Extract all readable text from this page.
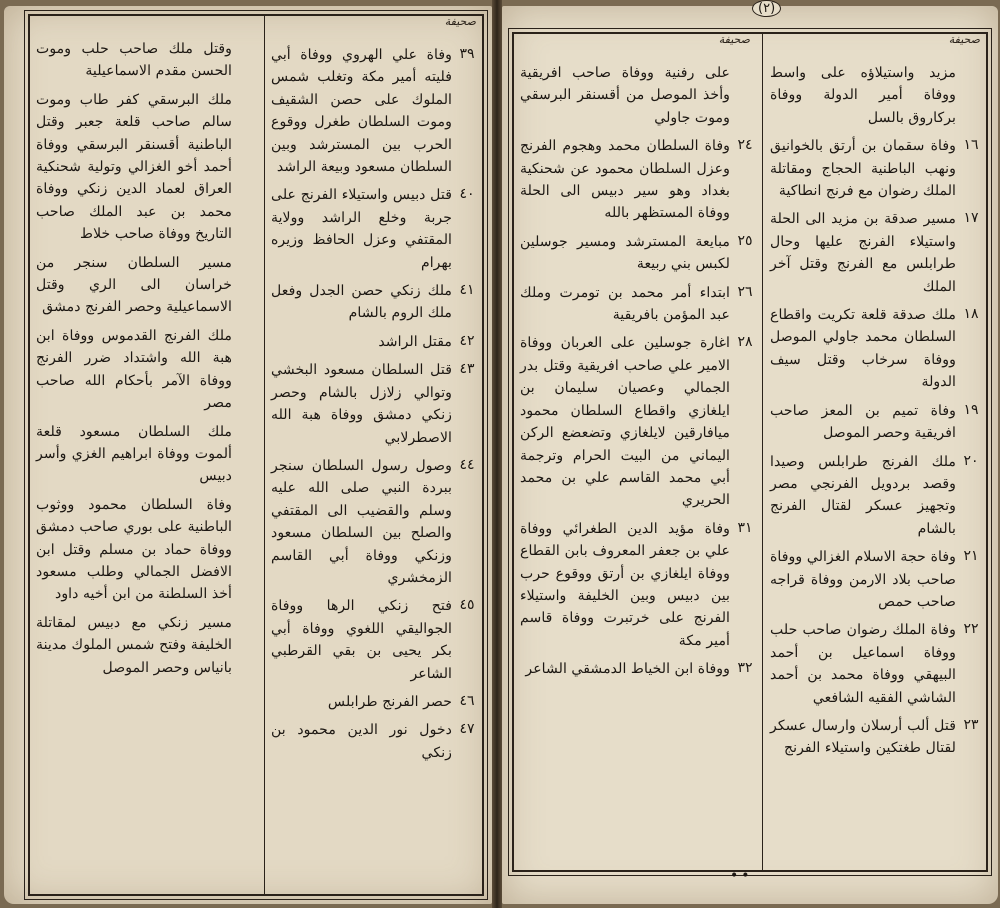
صحيفة
٣٩
وفاة علي الهروي ووفاة أبي فليته أمير مكة وتغلب شمس الملوك على حصن الشقيف وموت السلطان طغرل ووقوع الحرب بين المسترشد وبين السلطان مسعود وبيعة الراشد
٤٠
قتل دبيس واستيلاء الفرنج على جربة وخلع الراشد وولاية المقتفي وعزل الحافظ وزيره بهرام
٤١
ملك زنكي حصن الجدل وفعل ملك الروم بالشام
٤٢
مقتل الراشد
٤٣
قتل السلطان مسعود البخشي وتوالي زلازل بالشام وحصر زنكي دمشق ووفاة هبة الله الاصطرلابي
٤٤
وصول رسول السلطان سنجر ببردة النبي صلى الله عليه وسلم والقضيب الى المقتفي والصلح بين السلطان مسعود وزنكي ووفاة أبي القاسم الزمخشري
٤٥
فتح زنكي الرها ووفاة الجواليقي اللغوي ووفاة أبي بكر يحيى بن بقي القرطبي الشاعر
٤٦
حصر الفرنج طرابلس
٤٧
دخول نور الدين محمود بن زنكي
وقتل ملك صاحب حلب وموت الحسن مقدم الاسماعيلية
ملك البرسقي كفر طاب وموت سالم صاحب قلعة جعبر وقتل الباطنية أقسنقر البرسقي ووفاة أحمد أخو الغزالي وتولية شحنكية العراق لعماد الدين زنكي ووفاة محمد بن عبد الملك صاحب التاريخ ووفاة صاحب خلاط
مسير السلطان سنجر من خراسان الى الري وقتل الاسماعيلية وحصر الفرنج دمشق
ملك الفرنج القدموس ووفاة ابن هبة الله واشتداد ضرر الفرنج ووفاة الآمر بأحكام الله صاحب مصر
ملك السلطان مسعود قلعة ألموت ووفاة ابراهيم الغزي وأسر دبيس
وفاة السلطان محمود ووثوب الباطنية على بوري صاحب دمشق ووفاة حماد بن مسلم وقتل ابن الافضل الجمالي وطلب مسعود أخذ السلطنة من ابن أخيه داود
مسير زنكي مع دبيس لمقاتلة الخليفة وفتح شمس الملوك مدينة بانياس وحصر الموصل
(٢)
صحيفة
مزيد واستيلاؤه على واسط ووفاة أمير الدولة ووفاة بركاروق بالسل
١٦
وفاة سقمان بن أرتق بالخوانيق ونهب الباطنية الحجاج ومقاتلة الملك رضوان مع فرنج انطاكية
١٧
مسير صدقة بن مزيد الى الحلة واستيلاء الفرنج عليها وحال طرابلس مع الفرنج وقتل آخر الملك
١٨
ملك صدقة قلعة تكريت واقطاع السلطان محمد جاولي الموصل ووفاة سرخاب وقتل سيف الدولة
١٩
وفاة تميم بن المعز صاحب افريقية وحصر الموصل
٢٠
ملك الفرنج طرابلس وصيدا وقصد بردويل الفرنجي مصر وتجهيز عسكر لقتال الفرنج بالشام
٢١
وفاة حجة الاسلام الغزالي ووفاة صاحب بلاد الارمن ووفاة قراجه صاحب حمص
٢٢
وفاة الملك رضوان صاحب حلب ووفاة اسماعيل بن أحمد البيهقي ووفاة محمد بن أحمد الشاشي الفقيه الشافعي
٢٣
قتل ألب أرسلان وارسال عسكر لقتال طغتكين واستيلاء الفرنج
صحيفة
على رفنية ووفاة صاحب افريقية وأخذ الموصل من أقسنقر البرسقي وموت جاولي
٢٤
وفاة السلطان محمد وهجوم الفرنج وعزل السلطان محمود عن شحنكية بغداد وهو سير دبيس الى الحلة ووفاة المستظهر بالله
٢٥
مبايعة المسترشد ومسير جوسلين لكبس بني ربيعة
٢٦
ابتداء أمر محمد بن تومرت وملك عبد المؤمن بافريقية
٢٨
اغارة جوسلين على العربان ووفاة الامير علي صاحب افريقية وقتل بدر الجمالي وعصيان سليمان بن ايلغازي واقطاع السلطان محمود ميافارقين لايلغازي وتضعضع الركن اليماني من البيت الحرام وترجمة أبي محمد القاسم علي بن محمد الحريري
٣١
وفاة مؤيد الدين الطغرائي ووفاة علي بن جعفر المعروف بابن القطاع ووفاة ايلغازي بن أرتق ووقوع حرب بين دبيس وبين الخليفة واستيلاء الفرنج على خرتبرت ووفاة قاسم أمير مكة
٣٢
ووفاة ابن الخياط الدمشقي الشاعر
••
